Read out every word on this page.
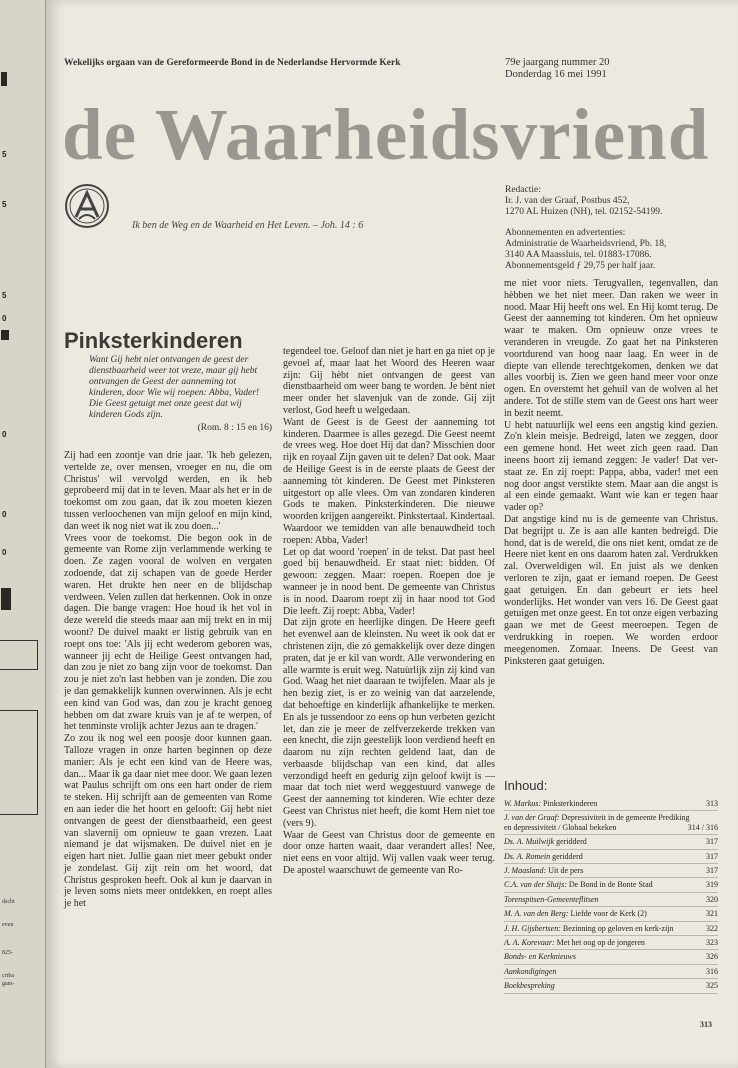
5
5
5
0
0
0
0
dscht
even
825-
criba
gam-
Wekelijks orgaan van de Gereformeerde Bond in de Nederlandse Hervormde Kerk	79e jaargang nummer 20
Donderdag 16 mei 1991
de Waarheidsvriend
Ik ben de Weg en de Waarheid en Het Leven. – Joh. 14 : 6

Redactie:

Ir. J. van der Graaf, Postbus 452,

1270 AL Huizen (NH), tel. 02152-54199.

Abonnementen en advertenties:

Administratie de Waarheidsvriend, Pb. 18,

3140 AA Maassluis, tel. 01883-17086.

Abonnementsgeld ƒ 29,75 per half jaar.

Pinksterkinderen
Want Gij hebt niet ontvangen de geest der dienstbaarheid weer tot vreze, maar gij hebt ontvangen de Geest der aanneming tot kinderen, door Wie wij roepen: Abba, Vader! Die Geest getuigt met onze geest dat wij kinderen Gods zijn.
(Rom. 8 : 15 en 16)

Zij had een zoontje van drie jaar. 'Ik heb gelezen, vertelde ze, over mensen, vroeger en nu, die om Christus' wil vervolgd werden, en ik heb geprobeerd mij dat in te leven. Maar als het er in de toekomst om zou gaan, dat ik zou moeten kiezen tussen verloochenen van mijn geloof en mijn kind, dan weet ik nog niet wat ik zou doen...'

Vrees voor de toekomst. Die begon ook in de gemeente van Rome zijn verlammende werking te doen. Ze zagen vooral de wolven en vergaten zodoende, dat zij schapen van de goede Herder waren. Het drukte hen neer en de blijdschap verdween. Velen zullen dat herkennen. Ook in onze dagen. Die bange vragen: Hoe houd ik het vol in deze wereld die steeds maar aan mij trekt en in mij woont? De duivel maakt er listig gebruik van en roept ons toe: 'Als jij echt wederom geboren was, wanneer jij echt de Heilige Geest ontvangen had, dan zou je niet zo bang zijn voor de toekomst. Dan zou je niet zo'n last hebben van je zonden. Die zou je dan gemakkelijk kunnen overwinnen. Als je echt een kind van God was, dan zou je kracht genoeg hebben om dat zware kruis van je af te werpen, of het tenminste vrolijk achter Jezus aan te dragen.'

Zo zou ik nog wel een poosje door kunnen gaan. Talloze vragen in onze harten beginnen op deze manier: Als je echt een kind van de Heere was, dan... Maar ik ga daar niet mee door. We gaan lezen wat Paulus schrijft om ons een hart onder de riem te steken. Hij schrijft aan de gemeenten van Rome en aan ieder die het hoort en gelooft: Gij hebt niet ontvangen de geest der dienstbaarheid, een geest van slavernij om opnieuw te gaan vrezen. Laat niemand je dat wijsmaken. De duivel niet en je eigen hart niet. Jullie gaan niet meer gebukt onder je zondelast. Gij zijt rein om het woord, dat Christus gesproken heeft. Ook al kun je daarvan in je leven soms niets meer ontdekken, en roept alles je het

tegendeel toe. Geloof dan niet je hart en ga niet op je gevoel af, maar laat het Woord des Heeren waar zijn: Gij hèbt niet ontvangen de geest van dienstbaarheid om weer bang te worden. Je bènt niet meer onder het slavenjuk van de zonde. Gij zijt verlost, God heeft u welgedaan.

Want de Geest is de Geest der aanneming tot kinderen. Daarmee is alles gezegd. Die Geest neemt de vrees weg. Hoe doet Hij dat dan? Misschien door rijk en royaal Zijn gaven uit te delen? Dat ook. Maar de Heilige Geest is in de eerste plaats de Geest der aanneming tòt kinderen. De Geest met Pinksteren uitgestort op alle vlees. Om van zondaren kinderen Gods te maken. Pinksterkinderen. Die nieuwe woorden krijgen aangereikt. Pinkstertaal. Kindertaal. Waardoor we temidden van alle benauwdheid toch roepen: Abba, Vader!

Let op dat woord 'roepen' in de tekst. Dat past heel goed bij benauwdheid. Er staat niet: bidden. Of gewoon: zeggen. Maar: roepen. Roepen doe je wanneer je in nood bent. De gemeente van Christus is in nood. Daarom roept zij in haar nood tot God Die leeft. Zij roept: Abba, Vader!

Dat zijn grote en heerlijke dingen. De Heere geeft het evenwel aan de kleinsten. Nu weet ik ook dat er christenen zijn, die zó gemakkelijk over deze dingen praten, dat je er kil van wordt. Alle verwondering en alle warmte is eruit weg. Natuùrlijk zijn zij kind van God. Waag het niet daaraan te twijfelen. Maar als je hen bezig ziet, is er zo weinig van dat aarzelende, dat behoeftige en kinderlijk afhankelijke te merken. En als je tussendoor zo eens op hun verbeten gezicht let, dan zie je meer de zelfverzekerde trekken van een knecht, die zijn geestelijk loon verdiend heeft en daarom nu zijn rechten geldend laat, dan de verbaasde blijdschap van een kind, dat alles verzondigd heeft en gedurig zijn geloof kwijt is — maar dat toch niet werd weggestuurd vanwege de Geest der aanneming tot kinderen. Wie echter deze Geest van Christus niet heeft, die komt Hem niet toe (vers 9).

Waar de Geest van Christus door de gemeente en door onze harten waait, daar verandert alles! Nee, niet eens en voor altijd. Wij vallen vaak weer terug. De apostel waarschuwt de gemeente van Ro-

me niet voor niets. Terugvallen, tegenvallen, dan hèbben we het niet meer. Dan raken we weer in nood. Maar Hij heeft ons wel. En Hij komt terug. De Geest der aanneming tot kinderen. Om het opnieuw waar te maken. Om opnieuw onze vrees te veranderen in vreugde. Zo gaat het na Pinksteren voortdurend van hoog naar laag. En weer in de diepte van ellende terechtgekomen, denken we dat alles voorbij is. Zien we geen hand meer voor onze ogen. En overstemt het gehuil van de wolven al het andere. Tot de stille stem van de Geest ons hart weer in bezit neemt.

U hebt natuurlijk wel eens een angstig kind gezien. Zo'n klein meisje. Bedreigd, laten we zeggen, door een gemene hond. Het weet zich geen raad. Dan ineens hoort zij iemand zeggen: Je vader! Dat verstaat ze. En zij roept: Pappa, abba, vader! met een nog door angst verstikte stem. Maar aan die angst is al een einde gemaakt. Want wie kan er tegen haar vader op?

Dat angstige kind nu is de gemeente van Christus. Dat begrijpt u. Ze is aan alle kanten bedreigd. Die hond, dat is de wereld, die ons niet kent, omdat ze de Heere niet kent en ons daarom haten zal. Verdrukken zal. Overweldigen wil. En juist als we denken verloren te zijn, gaat er iemand roepen. De Geest gaat getuigen. En dan gebeurt er iets heel wonderlijks. Het wonder van vers 16. De Geest gaat getuigen met onze geest. En tot onze eigen verbazing gaan we met de Geest meeroepen. Tegen de verdrukking in roepen. We worden erdoor meegenomen. Zomaar. Ineens. De Geest van Pinksteren gaat getuigen.

Inhoud:
W. Markus: Pinksterkinderen	313
J. van der Graaf: Depressiviteit in de gemeente Prediking en depressiviteit / Globaal bekeken	314 / 316
Ds. A. Muilwijk geridderd	317
Ds. A. Romein geridderd	317
J. Maasland: Uit de pers	317
C.A. van der Sluijs: De Bond in de Bonte Stad	319
Torenspitsen-Gemeenteflitsen	320
M. A. van den Berg: Liefde voor de Kerk (2)	321
J. H. Gijsbertsen: Bezinning op geloven en kerk-zijn	322
A. A. Korevaar: Met het oog op de jongeren	323
Bonds- en Kerknieuws	326
Aankondigingen	316
Boekbespreking	325
313
